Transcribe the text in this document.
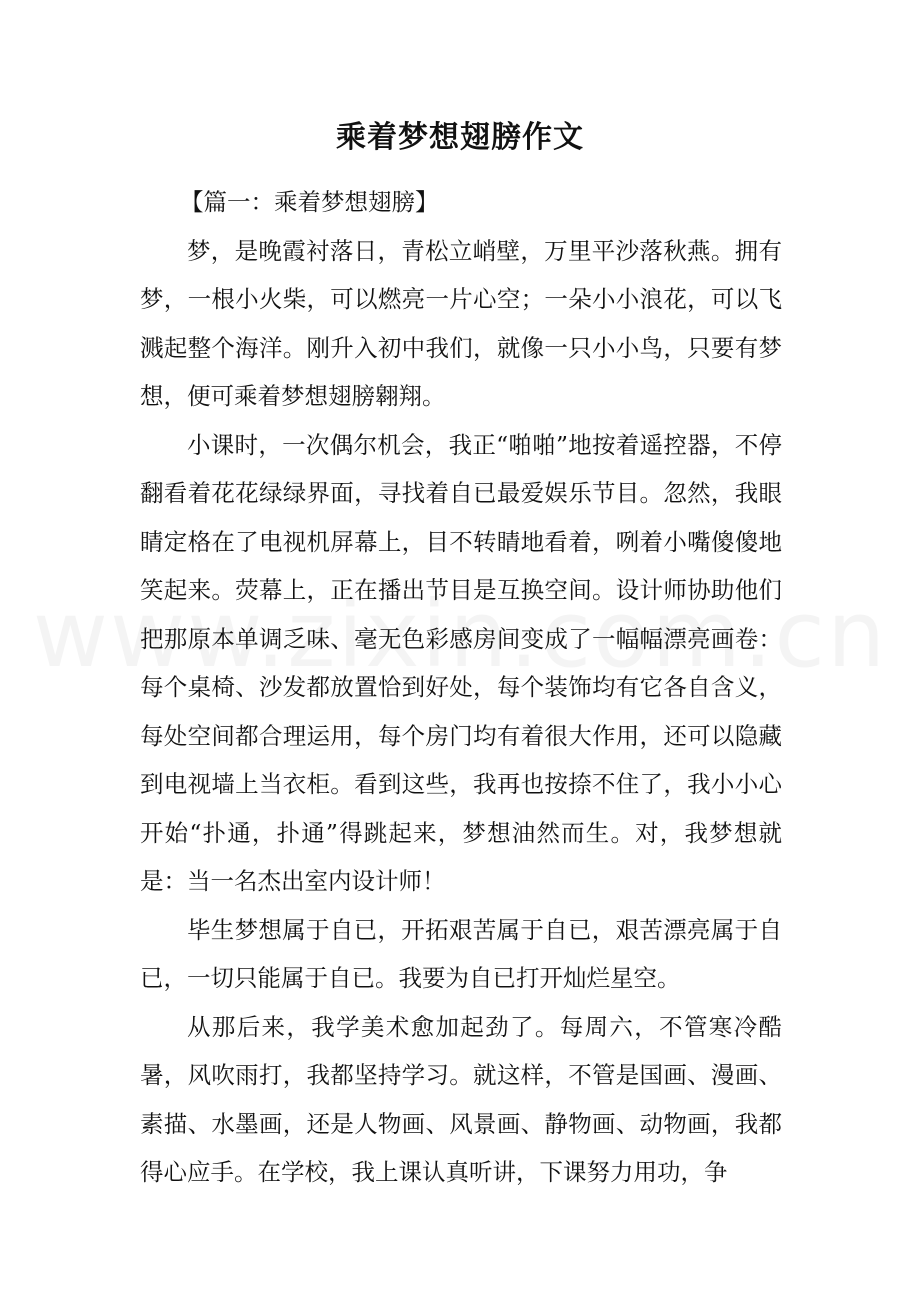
乘着梦想翅膀作文
【篇一：乘着梦想翅膀】

梦，是晚霞衬落日，青松立峭壁，万里平沙落秋燕。拥有梦，一根小火柴，可以燃亮一片心空；一朵小小浪花，可以飞溅起整个海洋。刚升入初中我们，就像一只小小鸟，只要有梦想，便可乘着梦想翅膀翱翔。

小课时，一次偶尔机会，我正“啪啪”地按着遥控器，不停翻看着花花绿绿界面，寻找着自已最爱娱乐节目。忽然，我眼睛定格在了电视机屏幕上，目不转睛地看着，咧着小嘴傻傻地笑起来。荧幕上，正在播出节目是互换空间。设计师协助他们把那原本单调乏味、毫无色彩感房间变成了一幅幅漂亮画卷：每个桌椅、沙发都放置恰到好处，每个装饰均有它各自含义，每处空间都合理运用，每个房门均有着很大作用，还可以隐藏到电视墙上当衣柜。看到这些，我再也按捺不住了，我小小心开始“扑通，扑通”得跳起来，梦想油然而生。对，我梦想就是：当一名杰出室内设计师！

毕生梦想属于自已，开拓艰苦属于自已，艰苦漂亮属于自已，一切只能属于自已。我要为自已打开灿烂星空。

从那后来，我学美术愈加起劲了。每周六，不管寒冷酷暑，风吹雨打，我都坚持学习。就这样，不管是国画、漫画、素描、水墨画，还是人物画、风景画、静物画、动物画，我都得心应手。在学校，我上课认真听讲，下课努力用功，争
